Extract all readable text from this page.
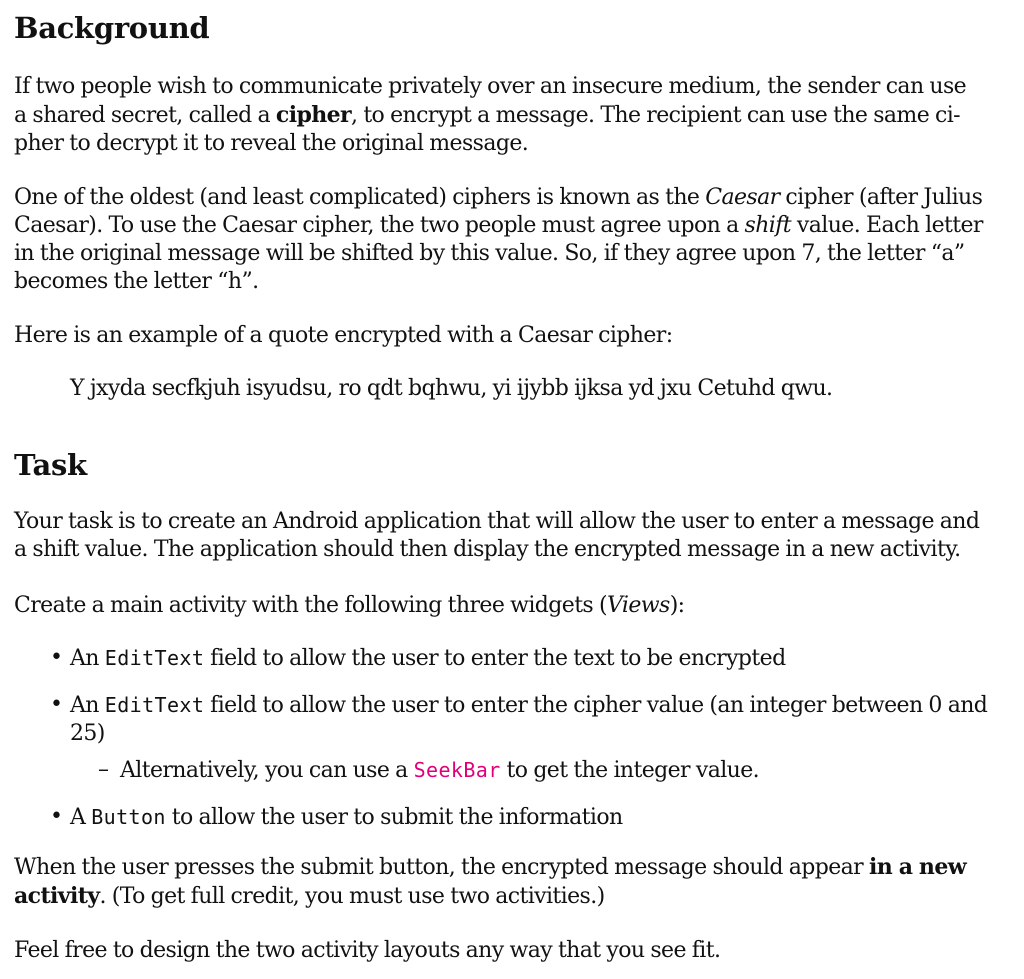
Background

If two people wish to communicate privately over an insecure medium, the sender can use a shared secret, called a cipher, to encrypt a message. The recipient can use the same ci- pher to decrypt it to reveal the original message.

One of the oldest (and least complicated) ciphers is known as the Caesar cipher (after Julius Caesar). To use the Caesar cipher, the two people must agree upon a shift value. Each letter in the original message will be shifted by this value. So, if they agree upon 7, the letter “a” becomes the letter “h”.

Here is an example of a quote encrypted with a Caesar cipher:

Y jxyda secfkjuh isyudsu, ro qdt bqhwu, yi ijybb ijksa yd jxu Cetuhd qwu.

Task

Your task is to create an Android application that will allow the user to enter a message and a shift value. The application should then display the encrypted message in a new activity.

Create a main activity with the following three widgets (Views):

• An EditText field to allow the user to enter the text to be encrypted
• An EditText field to allow the user to enter the cipher value (an integer between 0 and 25)
– Alternatively, you can use a SeekBar to get the integer value.
• A Button to allow the user to submit the information

When the user presses the submit button, the encrypted message should appear in a new activity. (To get full credit, you must use two activities.)

Feel free to design the two activity layouts any way that you see fit.
